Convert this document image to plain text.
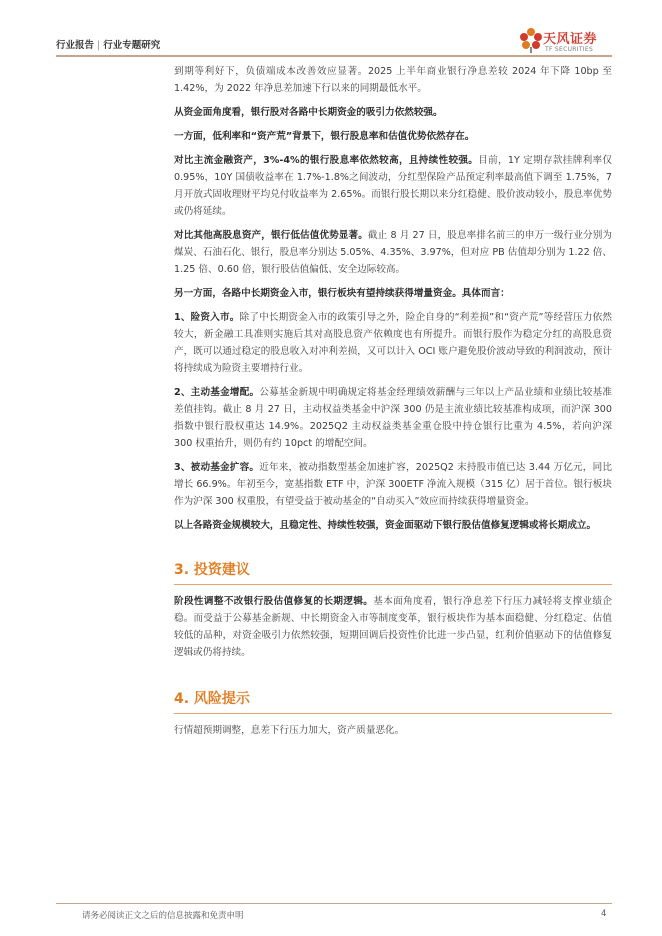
行业报告 | 行业专题研究	天风证券
TF SECURITIES

到期等利好下，负债端成本改善效应显著。2025 上半年商业银行净息差较 2024 年下降 10bp 至 1.42%，为 2022 年净息差加速下行以来的同期最低水平。

从资金面角度看，银行股对各路中长期资金的吸引力依然较强。

一方面，低利率和“资产荒”背景下，银行股息率和估值优势依然存在。

对比主流金融资产，3%-4%的银行股息率依然较高，且持续性较强。目前，1Y 定期存款挂牌利率仅 0.95%，10Y 国债收益率在 1.7%-1.8%之间波动，分红型保险产品预定利率最高值下调至 1.75%，7 月开放式固收理财平均兑付收益率为 2.65%。而银行股长期以来分红稳健、股价波动较小，股息率优势或仍将延续。

对比其他高股息资产，银行低估值优势显著。截止 8 月 27 日，股息率排名前三的申万一级行业分别为煤炭、石油石化、银行，股息率分别达 5.05%、4.35%、3.97%，但对应 PB 估值却分别为 1.22 倍、1.25 倍、0.60 倍，银行股估值偏低、安全边际较高。

另一方面，各路中长期资金入市，银行板块有望持续获得增量资金。具体而言：

1、险资入市。除了中长期资金入市的政策引导之外，险企自身的“利差损”和“资产荒”等经营压力依然较大，新金融工具准则实施后其对高股息资产依赖度也有所提升。而银行股作为稳定分红的高股息资产，既可以通过稳定的股息收入对冲利差损，又可以计入 OCI 账户避免股价波动导致的利润波动，预计将持续成为险资主要增持行业。

2、主动基金增配。公募基金新规中明确规定将基金经理绩效薪酬与三年以上产品业绩和业绩比较基准差值挂钩。截止 8 月 27 日，主动权益类基金中沪深 300 仍是主流业绩比较基准构成项，而沪深 300 指数中银行股权重达 14.9%。2025Q2 主动权益类基金重仓股中持仓银行比重为 4.5%，若向沪深 300 权重抬升，则仍有约 10pct 的增配空间。

3、被动基金扩容。近年来，被动指数型基金加速扩容，2025Q2 末持股市值已达 3.44 万亿元，同比增长 66.9%。年初至今，宽基指数 ETF 中，沪深 300ETF 净流入规模（315 亿）居于首位。银行板块作为沪深 300 权重股，有望受益于被动基金的“自动买入”效应而持续获得增量资金。

以上各路资金规模较大，且稳定性、持续性较强，资金面驱动下银行股估值修复逻辑或将长期成立。

3. 投资建议

阶段性调整不改银行股估值修复的长期逻辑。基本面角度看，银行净息差下行压力减轻将支撑业绩企稳。而受益于公募基金新规、中长期资金入市等制度变革，银行板块作为基本面稳健、分红稳定、估值较低的品种，对资金吸引力依然较强，短期回调后投资性价比进一步凸显，红利价值驱动下的估值修复逻辑或仍将持续。

4. 风险提示

行情超预期调整，息差下行压力加大，资产质量恶化。

请务必阅读正文之后的信息披露和免责申明	4
